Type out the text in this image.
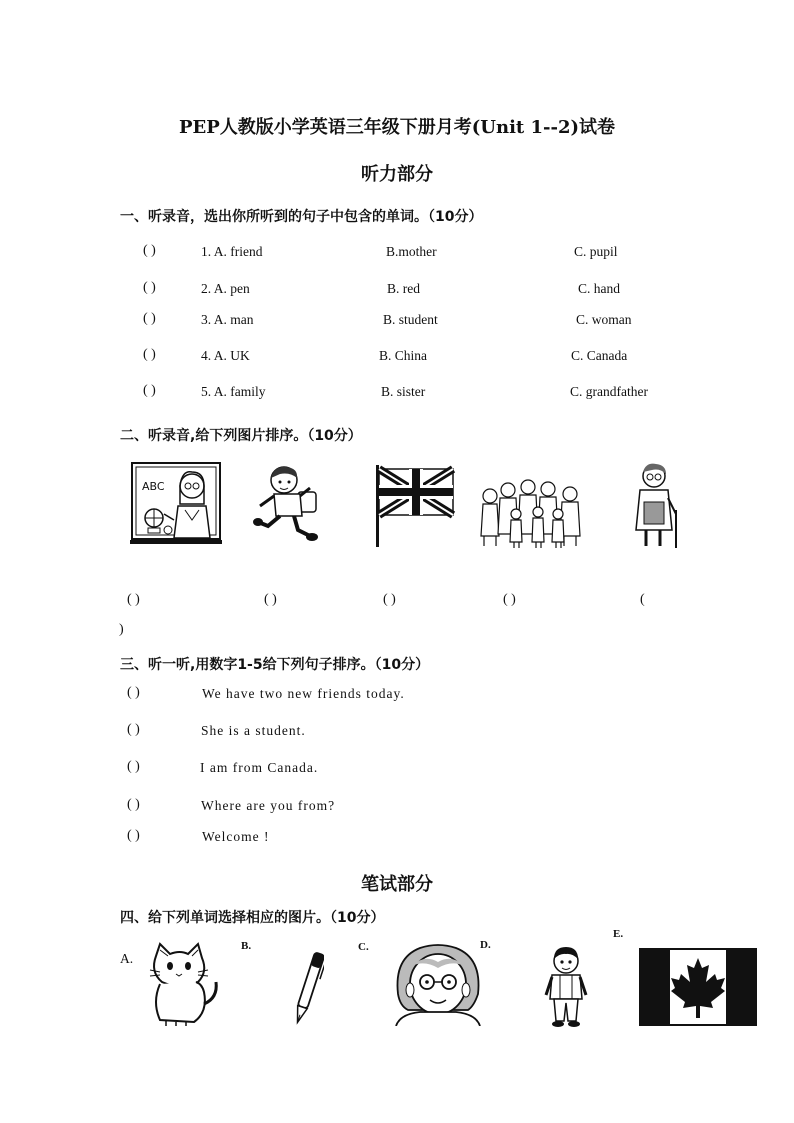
PEP人教版小学英语三年级下册月考(Unit 1--2)试卷
听力部分
一、听录音，选出你所听到的句子中包含的单词。（10分）
( )	1. A. friend	B.mother	C. pupil
( )	2. A. pen	B. red	C. hand
( )	3. A. man	B. student	C. woman
( )	4. A. UK	B. China	C. Canada
( )	5. A. family	B. sister	C. grandfather
二、听录音,给下列图片排序。（10分）
ABC
( )	( )	( )	( )	(
)
三、听一听,用数字1-5给下列句子排序。（10分）
( )	We have two new friends today.
( )	She is a student.
( )	I am from Canada.
( )	Where are you from?
( )	Welcome !
笔试部分
四、给下列单词选择相应的图片。（10分）
A.
B.	C.	D.
E.
